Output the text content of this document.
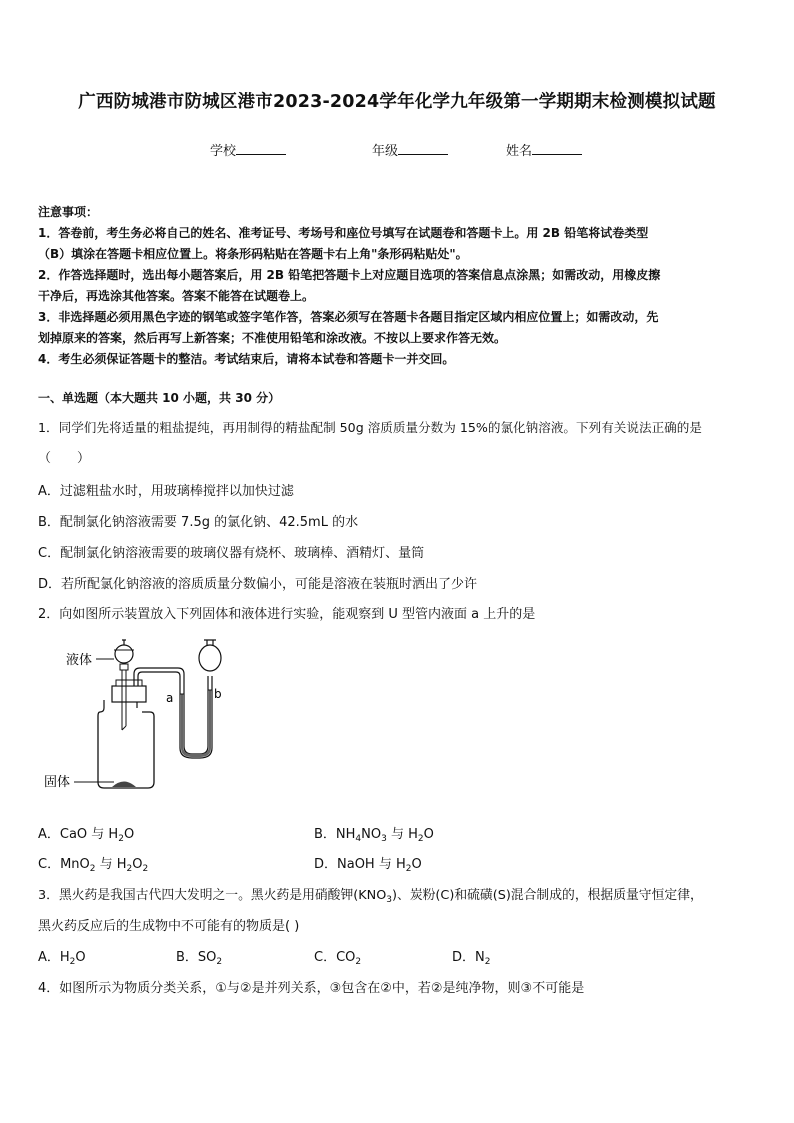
广西防城港市防城区港市2023-2024学年化学九年级第一学期期末检测模拟试题
学校	年级	姓名
注意事项：
1．答卷前，考生务必将自己的姓名、准考证号、考场号和座位号填写在试题卷和答题卡上。用 2B 铅笔将试卷类型
（B）填涂在答题卡相应位置上。将条形码粘贴在答题卡右上角"条形码粘贴处"。
2．作答选择题时，选出每小题答案后，用 2B 铅笔把答题卡上对应题目选项的答案信息点涂黑；如需改动，用橡皮擦
干净后，再选涂其他答案。答案不能答在试题卷上。
3．非选择题必须用黑色字迹的钢笔或签字笔作答，答案必须写在答题卡各题目指定区域内相应位置上；如需改动，先
划掉原来的答案，然后再写上新答案；不准使用铅笔和涂改液。不按以上要求作答无效。
4．考生必须保证答题卡的整洁。考试结束后，请将本试卷和答题卡一并交回。
一、单选题（本大题共 10 小题，共 30 分）
1．同学们先将适量的粗盐提纯，再用制得的精盐配制 50g 溶质质量分数为 15%的氯化钠溶液。下列有关说法正确的是
（　　）
A．过滤粗盐水时，用玻璃棒搅拌以加快过滤
B．配制氯化钠溶液需要 7.5g 的氯化钠、42.5mL 的水
C．配制氯化钠溶液需要的玻璃仪器有烧杯、玻璃棒、酒精灯、量筒
D．若所配氯化钠溶液的溶质质量分数偏小，可能是溶液在装瓶时洒出了少许
2．向如图所示装置放入下列固体和液体进行实验，能观察到 U 型管内液面 a 上升的是
液体
固体
a	b
A．CaO 与 $H_2O$	B．$NH_4NO_3$ 与 $H_2O$
C．MnO$_2$ 与 $H_2O_2$	D．NaOH 与 $H_2O$
3．黑火药是我国古代四大发明之一。黑火药是用硝酸钾$(KNO_3)$、炭粉(C)和硫磺(S)混合制成的，根据质量守恒定律，
黑火药反应后的生成物中不可能有的物质是( )
A．$H_2O$	B．$SO_2$	C．$CO_2$	D．$N_2$
4．如图所示为物质分类关系，①与②是并列关系，③包含在②中，若②是纯净物，则③不可能是
